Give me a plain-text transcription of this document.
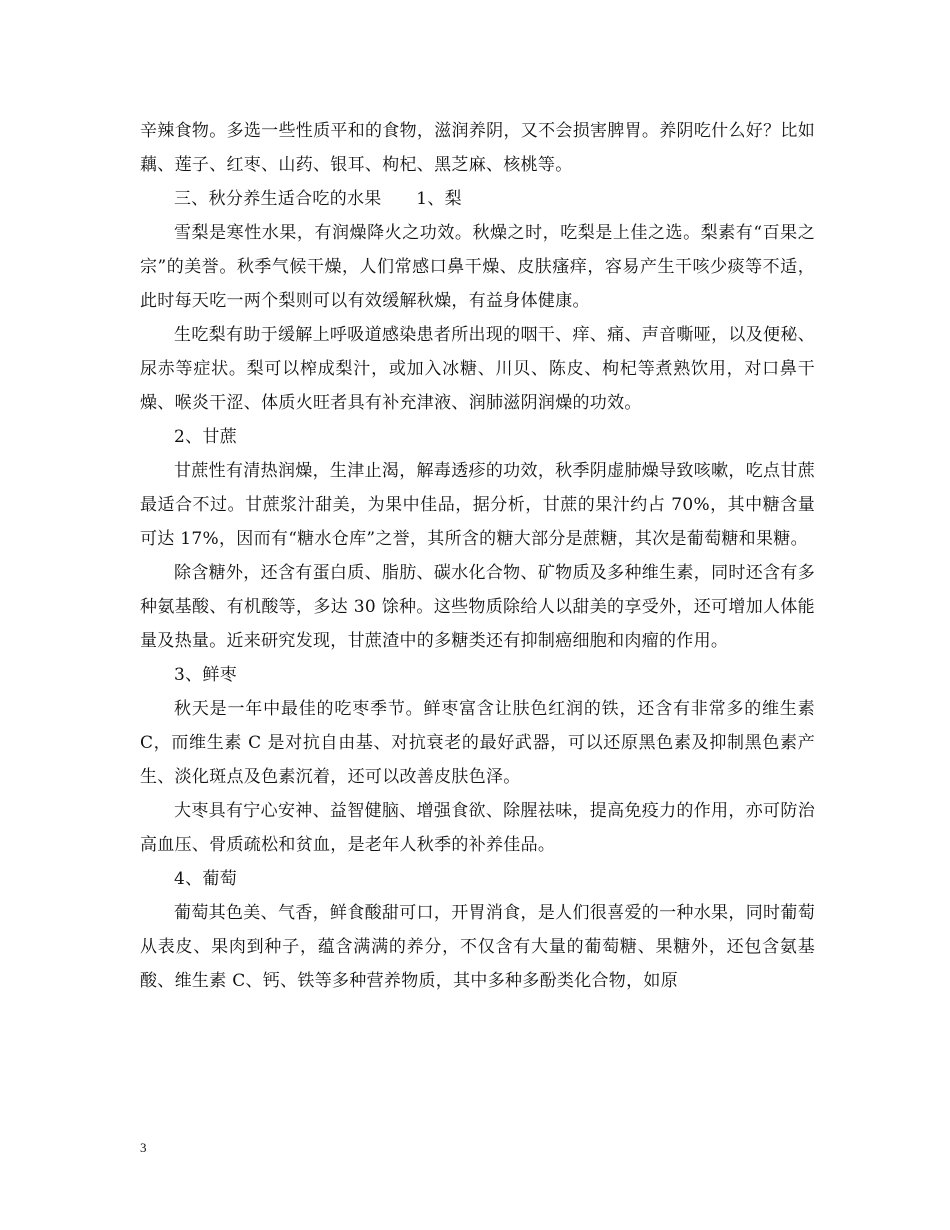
辛辣食物。多选一些性质平和的食物，滋润养阴，又不会损害脾胃。养阴吃什么好？比如藕、莲子、红枣、山药、银耳、枸杞、黑芝麻、核桃等。

三、秋分养生适合吃的水果　　1、梨

雪梨是寒性水果，有润燥降火之功效。秋燥之时，吃梨是上佳之选。梨素有“百果之宗”的美誉。秋季气候干燥，人们常感口鼻干燥、皮肤瘙痒，容易产生干咳少痰等不适，此时每天吃一两个梨则可以有效缓解秋燥，有益身体健康。

生吃梨有助于缓解上呼吸道感染患者所出现的咽干、痒、痛、声音嘶哑，以及便秘、尿赤等症状。梨可以榨成梨汁，或加入冰糖、川贝、陈皮、枸杞等煮熟饮用，对口鼻干燥、喉炎干涩、体质火旺者具有补充津液、润肺滋阴润燥的功效。

2、甘蔗

甘蔗性有清热润燥，生津止渴，解毒透疹的功效，秋季阴虚肺燥导致咳嗽，吃点甘蔗最适合不过。甘蔗浆汁甜美，为果中佳品，据分析，甘蔗的果汁约占 70%，其中糖含量可达 17%，因而有“糖水仓库”之誉，其所含的糖大部分是蔗糖，其次是葡萄糖和果糖。

除含糖外，还含有蛋白质、脂肪、碳水化合物、矿物质及多种维生素，同时还含有多种氨基酸、有机酸等，多达 30 馀种。这些物质除给人以甜美的享受外，还可增加人体能量及热量。近来研究发现，甘蔗渣中的多糖类还有抑制癌细胞和肉瘤的作用。

3、鲜枣

秋天是一年中最佳的吃枣季节。鲜枣富含让肤色红润的铁，还含有非常多的维生素 C，而维生素 C 是对抗自由基、对抗衰老的最好武器，可以还原黑色素及抑制黑色素产生、淡化斑点及色素沉着，还可以改善皮肤色泽。

大枣具有宁心安神、益智健脑、增强食欲、除腥祛味，提高免疫力的作用，亦可防治高血压、骨质疏松和贫血，是老年人秋季的补养佳品。

4、葡萄

葡萄其色美、气香，鲜食酸甜可口，开胃消食，是人们很喜爱的一种水果，同时葡萄从表皮、果肉到种子，蕴含满满的养分，不仅含有大量的葡萄糖、果糖外，还包含氨基酸、维生素 C、钙、铁等多种营养物质，其中多种多酚类化合物，如原

3
